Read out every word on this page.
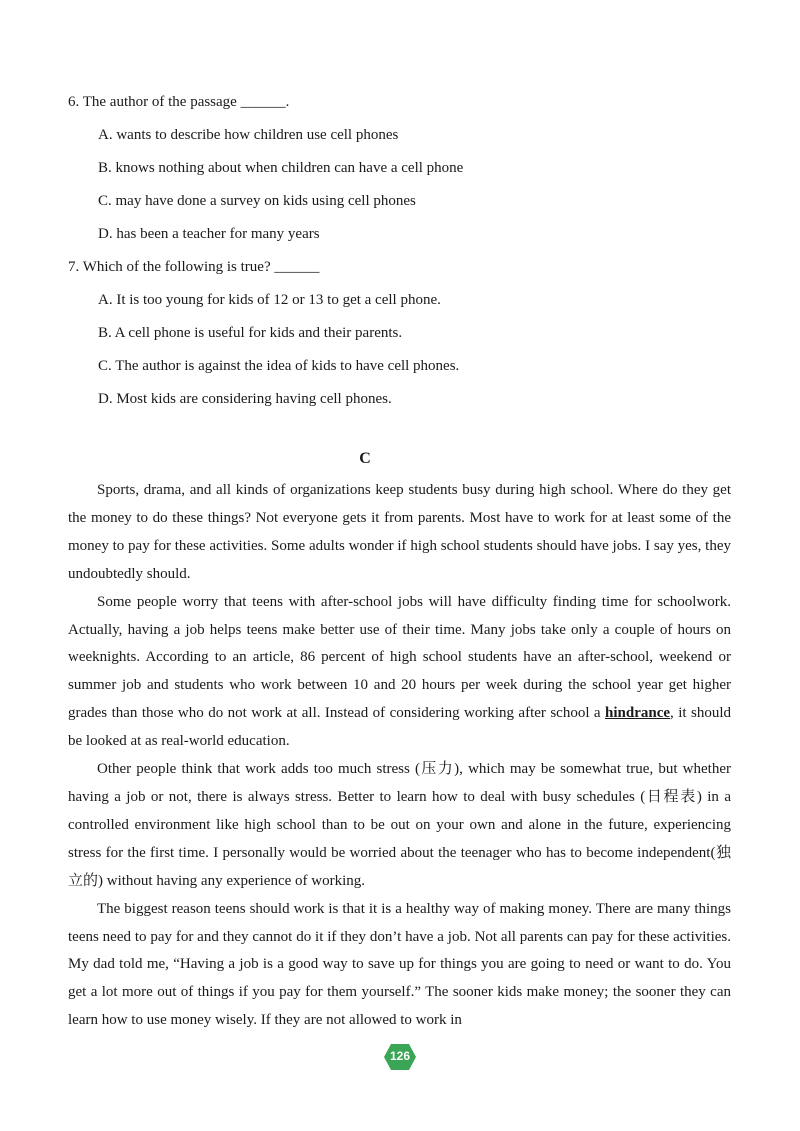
6. The author of the passage ______.
A. wants to describe how children use cell phones
B. knows nothing about when children can have a cell phone
C. may have done a survey on kids using cell phones
D. has been a teacher for many years
7. Which of the following is true? ______
A. It is too young for kids of 12 or 13 to get a cell phone.
B. A cell phone is useful for kids and their parents.
C. The author is against the idea of kids to have cell phones.
D. Most kids are considering having cell phones.
C

Sports, drama, and all kinds of organizations keep students busy during high school. Where do they get the money to do these things? Not everyone gets it from parents. Most have to work for at least some of the money to pay for these activities. Some adults wonder if high school students should have jobs. I say yes, they undoubtedly should.

Some people worry that teens with after-school jobs will have difficulty finding time for schoolwork. Actually, having a job helps teens make better use of their time. Many jobs take only a couple of hours on weeknights. According to an article, 86 percent of high school students have an after-school, weekend or summer job and students who work between 10 and 20 hours per week during the school year get higher grades than those who do not work at all. Instead of considering working after school a hindrance, it should be looked at as real-world education.

Other people think that work adds too much stress (压力), which may be somewhat true, but whether having a job or not, there is always stress. Better to learn how to deal with busy schedules (日程表) in a controlled environment like high school than to be out on your own and alone in the future, experiencing stress for the first time. I personally would be worried about the teenager who has to become independent(独立的) without having any experience of working.

The biggest reason teens should work is that it is a healthy way of making money. There are many things teens need to pay for and they cannot do it if they don’t have a job. Not all parents can pay for these activities. My dad told me, “Having a job is a good way to save up for things you are going to need or want to do. You get a lot more out of things if you pay for them yourself.” The sooner kids make money; the sooner they can learn how to use money wisely. If they are not allowed to work in

126
